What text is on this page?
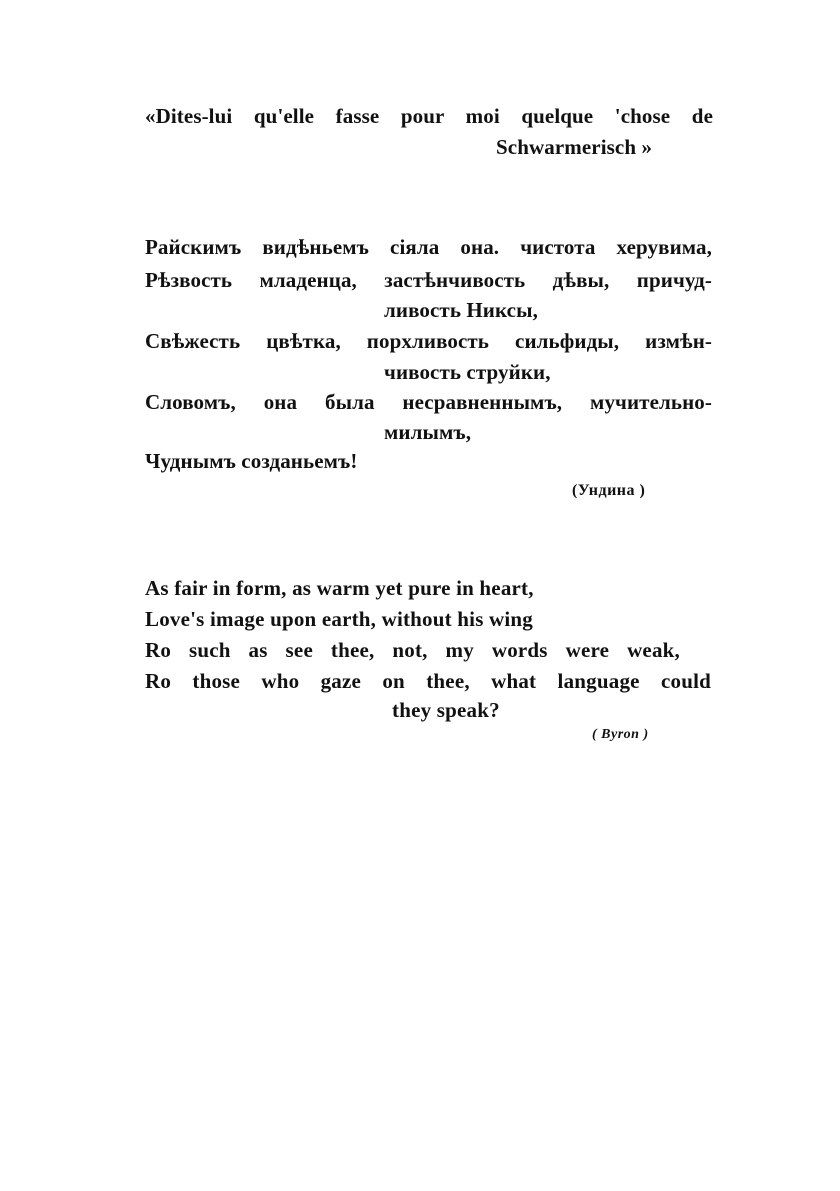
«Dites-lui qu'elle fasse pour moi quelque 'chose de
Schwarmerisch »
Райскимъ видѣньемъ сіяла она. чистота херувима,
Рѣзвость младенца, застѣнчивость дѣвы, причуд-
ливость Никсы,
Свѣжесть цвѣтка, порхливость сильфиды, измѣн-
чивость струйки,
Словомъ, она была несравненнымъ, мучительно-
милымъ,
Чуднымъ созданьемъ!
(Ундина )
As fair in form, as warm yet pure in heart,
Love's image upon earth, without his wing
Ro such as see thee, not, my words were weak,
Ro those who gaze on thee, what language could
they speak?
( Byron )
